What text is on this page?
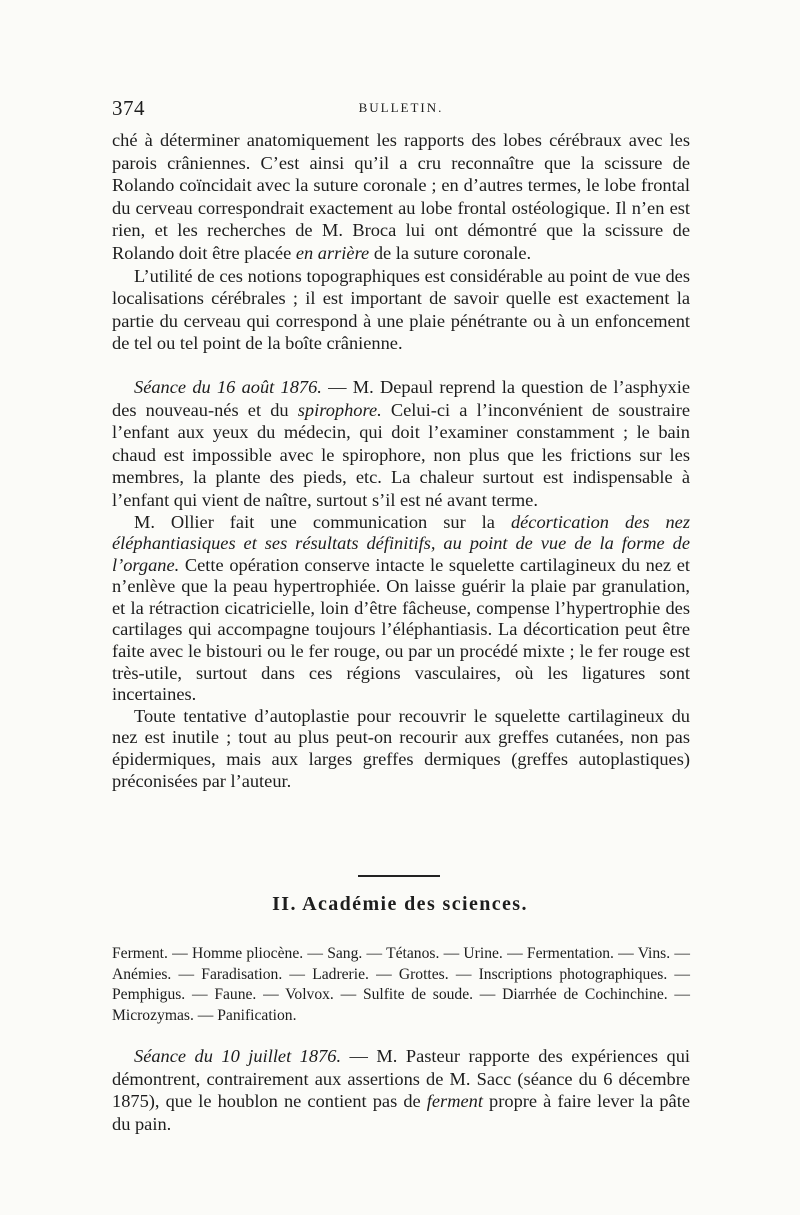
374	BULLETIN.

ché à déterminer anatomiquement les rapports des lobes cérébraux avec les parois crâniennes. C’est ainsi qu’il a cru reconnaître que la scissure de Rolando coïncidait avec la suture coronale ; en d’autres termes, le lobe frontal du cerveau correspondrait exactement au lobe frontal ostéologique. Il n’en est rien, et les recherches de M. Broca lui ont démontré que la scissure de Rolando doit être placée en arrière de la suture coronale.

L’utilité de ces notions topographiques est considérable au point de vue des localisations cérébrales ; il est important de savoir quelle est exactement la partie du cerveau qui correspond à une plaie pénétrante ou à un enfoncement de tel ou tel point de la boîte crânienne.

Séance du 16 août 1876. — M. Depaul reprend la question de l’asphyxie des nouveau-nés et du spirophore. Celui-ci a l’inconvénient de soustraire l’enfant aux yeux du médecin, qui doit l’examiner constamment ; le bain chaud est impossible avec le spirophore, non plus que les frictions sur les membres, la plante des pieds, etc. La chaleur surtout est indispensable à l’enfant qui vient de naître, surtout s’il est né avant terme.

M. Ollier fait une communication sur la décortication des nez éléphantiasiques et ses résultats définitifs, au point de vue de la forme de l’organe. Cette opération conserve intacte le squelette cartilagineux du nez et n’enlève que la peau hypertrophiée. On laisse guérir la plaie par granulation, et la rétraction cicatricielle, loin d’être fâcheuse, compense l’hypertrophie des cartilages qui accompagne toujours l’éléphantiasis. La décortication peut être faite avec le bistouri ou le fer rouge, ou par un procédé mixte ; le fer rouge est très-utile, surtout dans ces régions vasculaires, où les ligatures sont incertaines.

Toute tentative d’autoplastie pour recouvrir le squelette cartilagineux du nez est inutile ; tout au plus peut-on recourir aux greffes cutanées, non pas épidermiques, mais aux larges greffes dermiques (greffes autoplastiques) préconisées par l’auteur.

II. Académie des sciences.

Ferment. — Homme pliocène. — Sang. — Tétanos. — Urine. — Fermentation. — Vins. — Anémies. — Faradisation. — Ladrerie. — Grottes. — Inscriptions photographiques. — Pemphigus. — Faune. — Volvox. — Sulfite de soude. — Diarrhée de Cochinchine. — Microzymas. — Panification.

Séance du 10 juillet 1876. — M. Pasteur rapporte des expériences qui démontrent, contrairement aux assertions de M. Sacc (séance du 6 décembre 1875), que le houblon ne contient pas de ferment propre à faire lever la pâte du pain.
